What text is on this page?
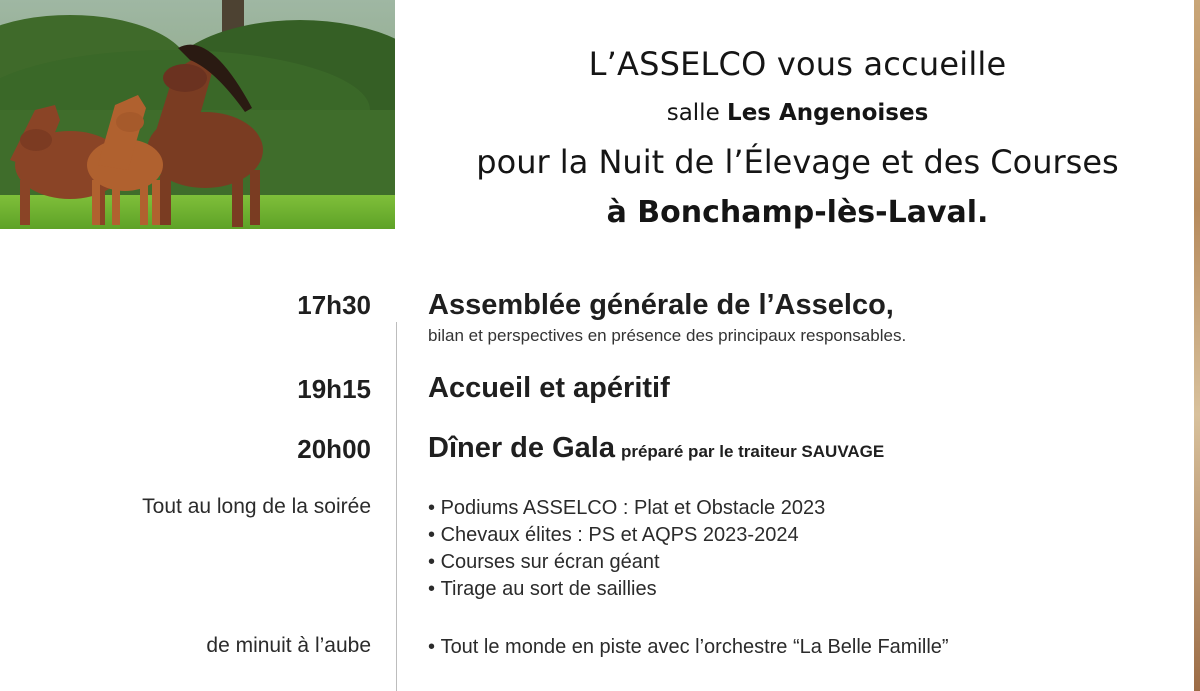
L’ASSELCO vous accueille
salle Les Angenoises
pour la Nuit de l’Élevage et des Courses
à Bonchamp-lès-Laval.
17h30 Assemblée générale de l’Asselco,
bilan et perspectives en présence des principaux responsables.
19h15 Accueil et apéritif
20h00 Dîner de Gala préparé par le traiteur SAUVAGE
Tout au long de la soirée	• Podiums ASSELCO : Plat et Obstacle 2023
• Chevaux élites : PS et AQPS 2023-2024
• Courses sur écran géant
• Tirage au sort de saillies
de minuit à l’aube	• Tout le monde en piste avec l’orchestre “La Belle Famille”
